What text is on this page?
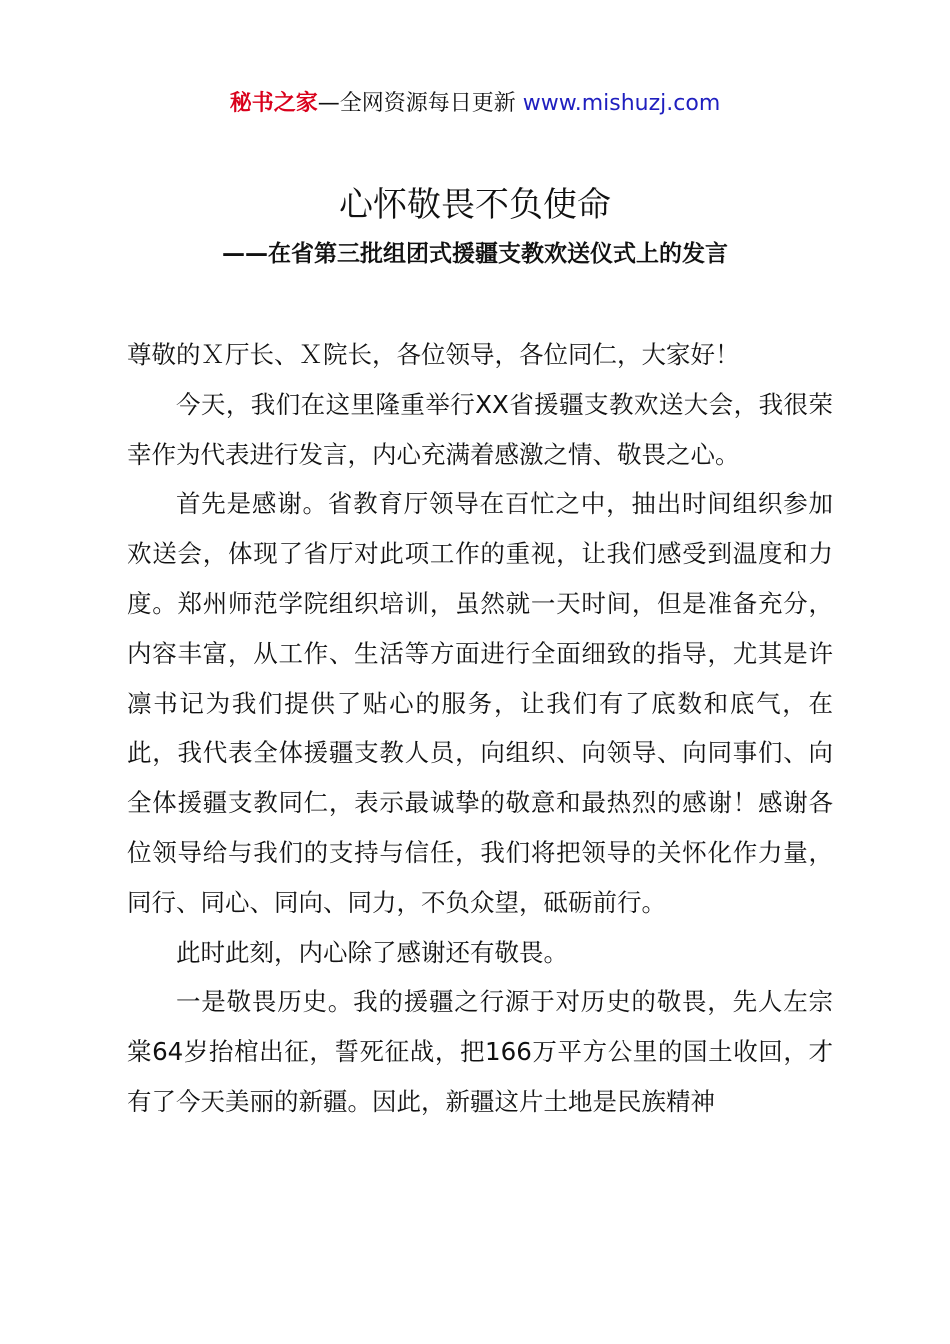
秘书之家—全网资源每日更新 www.mishuzj.com
心怀敬畏不负使命
——在省第三批组团式援疆支教欢送仪式上的发言

尊敬的Ｘ厅长、Ｘ院长，各位领导，各位同仁，大家好！

今天，我们在这里隆重举行XX省援疆支教欢送大会，我很荣幸作为代表进行发言，内心充满着感激之情、敬畏之心。

首先是感谢。省教育厅领导在百忙之中，抽出时间组织参加欢送会，体现了省厅对此项工作的重视，让我们感受到温度和力度。郑州师范学院组织培训，虽然就一天时间，但是准备充分，内容丰富，从工作、生活等方面进行全面细致的指导，尤其是许凛书记为我们提供了贴心的服务，让我们有了底数和底气，在此，我代表全体援疆支教人员，向组织、向领导、向同事们、向全体援疆支教同仁，表示最诚挚的敬意和最热烈的感谢！感谢各位领导给与我们的支持与信任，我们将把领导的关怀化作力量，同行、同心、同向、同力，不负众望，砥砺前行。

此时此刻，内心除了感谢还有敬畏。

一是敬畏历史。我的援疆之行源于对历史的敬畏，先人左宗棠64岁抬棺出征，誓死征战，把166万平方公里的国土收回，才有了今天美丽的新疆。因此，新疆这片土地是民族精神
